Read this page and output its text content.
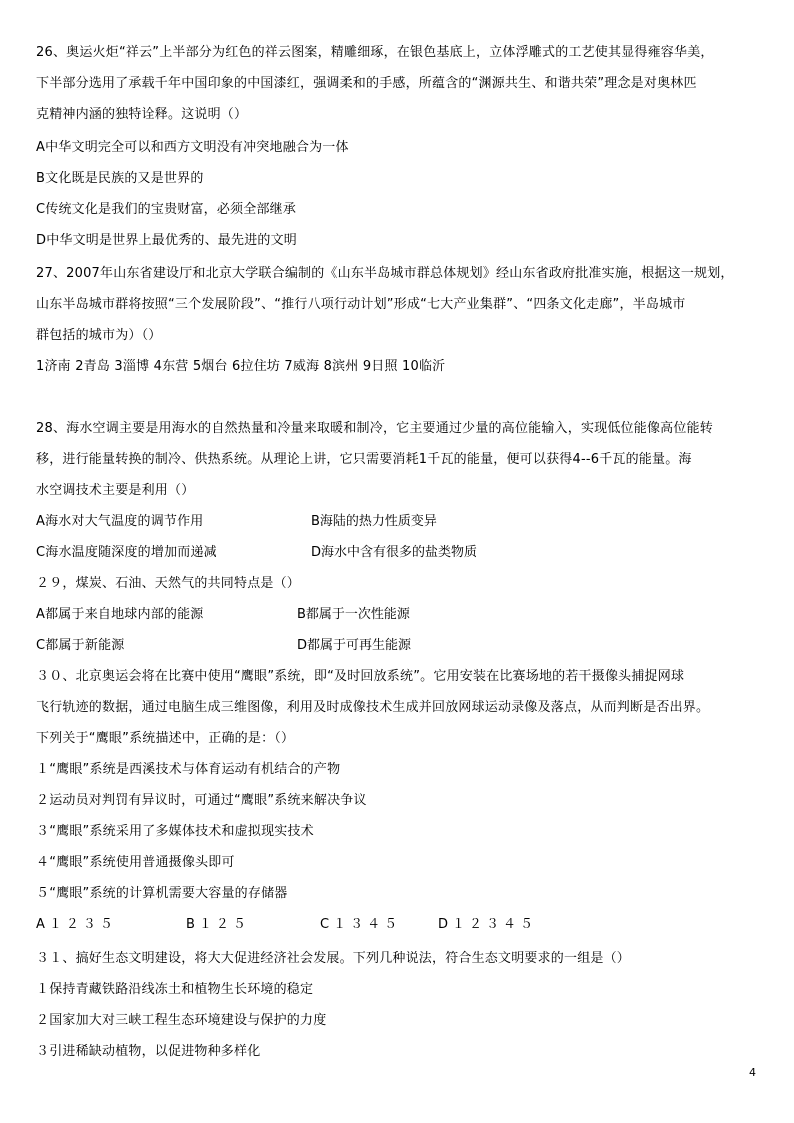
26、奥运火炬“祥云”上半部分为红色的祥云图案，精雕细琢，在银色基底上，立体浮雕式的工艺使其显得雍容华美，
下半部分选用了承载千年中国印象的中国漆红，强调柔和的手感，所蕴含的“渊源共生、和谐共荣”理念是对奥林匹
克精神内涵的独特诠释。这说明（）
A中华文明完全可以和西方文明没有冲突地融合为一体
B文化既是民族的又是世界的
C传统文化是我们的宝贵财富，必须全部继承
D中华文明是世界上最优秀的、最先进的文明
27、2007年山东省建设厅和北京大学联合编制的《山东半岛城市群总体规划》经山东省政府批准实施，根据这一规划，
山东半岛城市群将按照“三个发展阶段”、“推行八项行动计划”形成“七大产业集群”、“四条文化走廊”，半岛城市
群包括的城市为）（）
1济南 2青岛 3淄博 4东营 5烟台 6拉住坊 7威海 8滨州 9日照 10临沂
28、海水空调主要是用海水的自然热量和冷量来取暖和制冷，它主要通过少量的高位能输入，实现低位能像高位能转
移，进行能量转换的制冷、供热系统。从理论上讲，它只需要消耗1千瓦的能量，便可以获得4--6千瓦的能量。海
水空调技术主要是利用（）
A海水对大气温度的调节作用	B海陆的热力性质变异
C海水温度随深度的增加而递减	D海水中含有很多的盐类物质
２９，煤炭、石油、天然气的共同特点是（）
A都属于来自地球内部的能源	B都属于一次性能源
C都属于新能源	D都属于可再生能源
３０、北京奥运会将在比赛中使用“鹰眼”系统，即“及时回放系统”。它用安装在比赛场地的若干摄像头捕捉网球
飞行轨迹的数据，通过电脑生成三维图像，利用及时成像技术生成并回放网球运动录像及落点，从而判断是否出界。
下列关于“鹰眼”系统描述中，正确的是：（）
１“鹰眼”系统是西溪技术与体育运动有机结合的产物
２运动员对判罚有异议时，可通过“鹰眼”系统来解决争议
３“鹰眼”系统采用了多媒体技术和虚拟现实技术
４“鹰眼”系统使用普通摄像头即可
５“鹰眼”系统的计算机需要大容量的存储器
A１２３５	B１２５	C１３４５	D１２３４５
３１、搞好生态文明建设，将大大促进经济社会发展。下列几种说法，符合生态文明要求的一组是（）
１保持青藏铁路沿线冻土和植物生长环境的稳定
２国家加大对三峡工程生态环境建设与保护的力度
３引进稀缺动植物，以促进物种多样化
4
